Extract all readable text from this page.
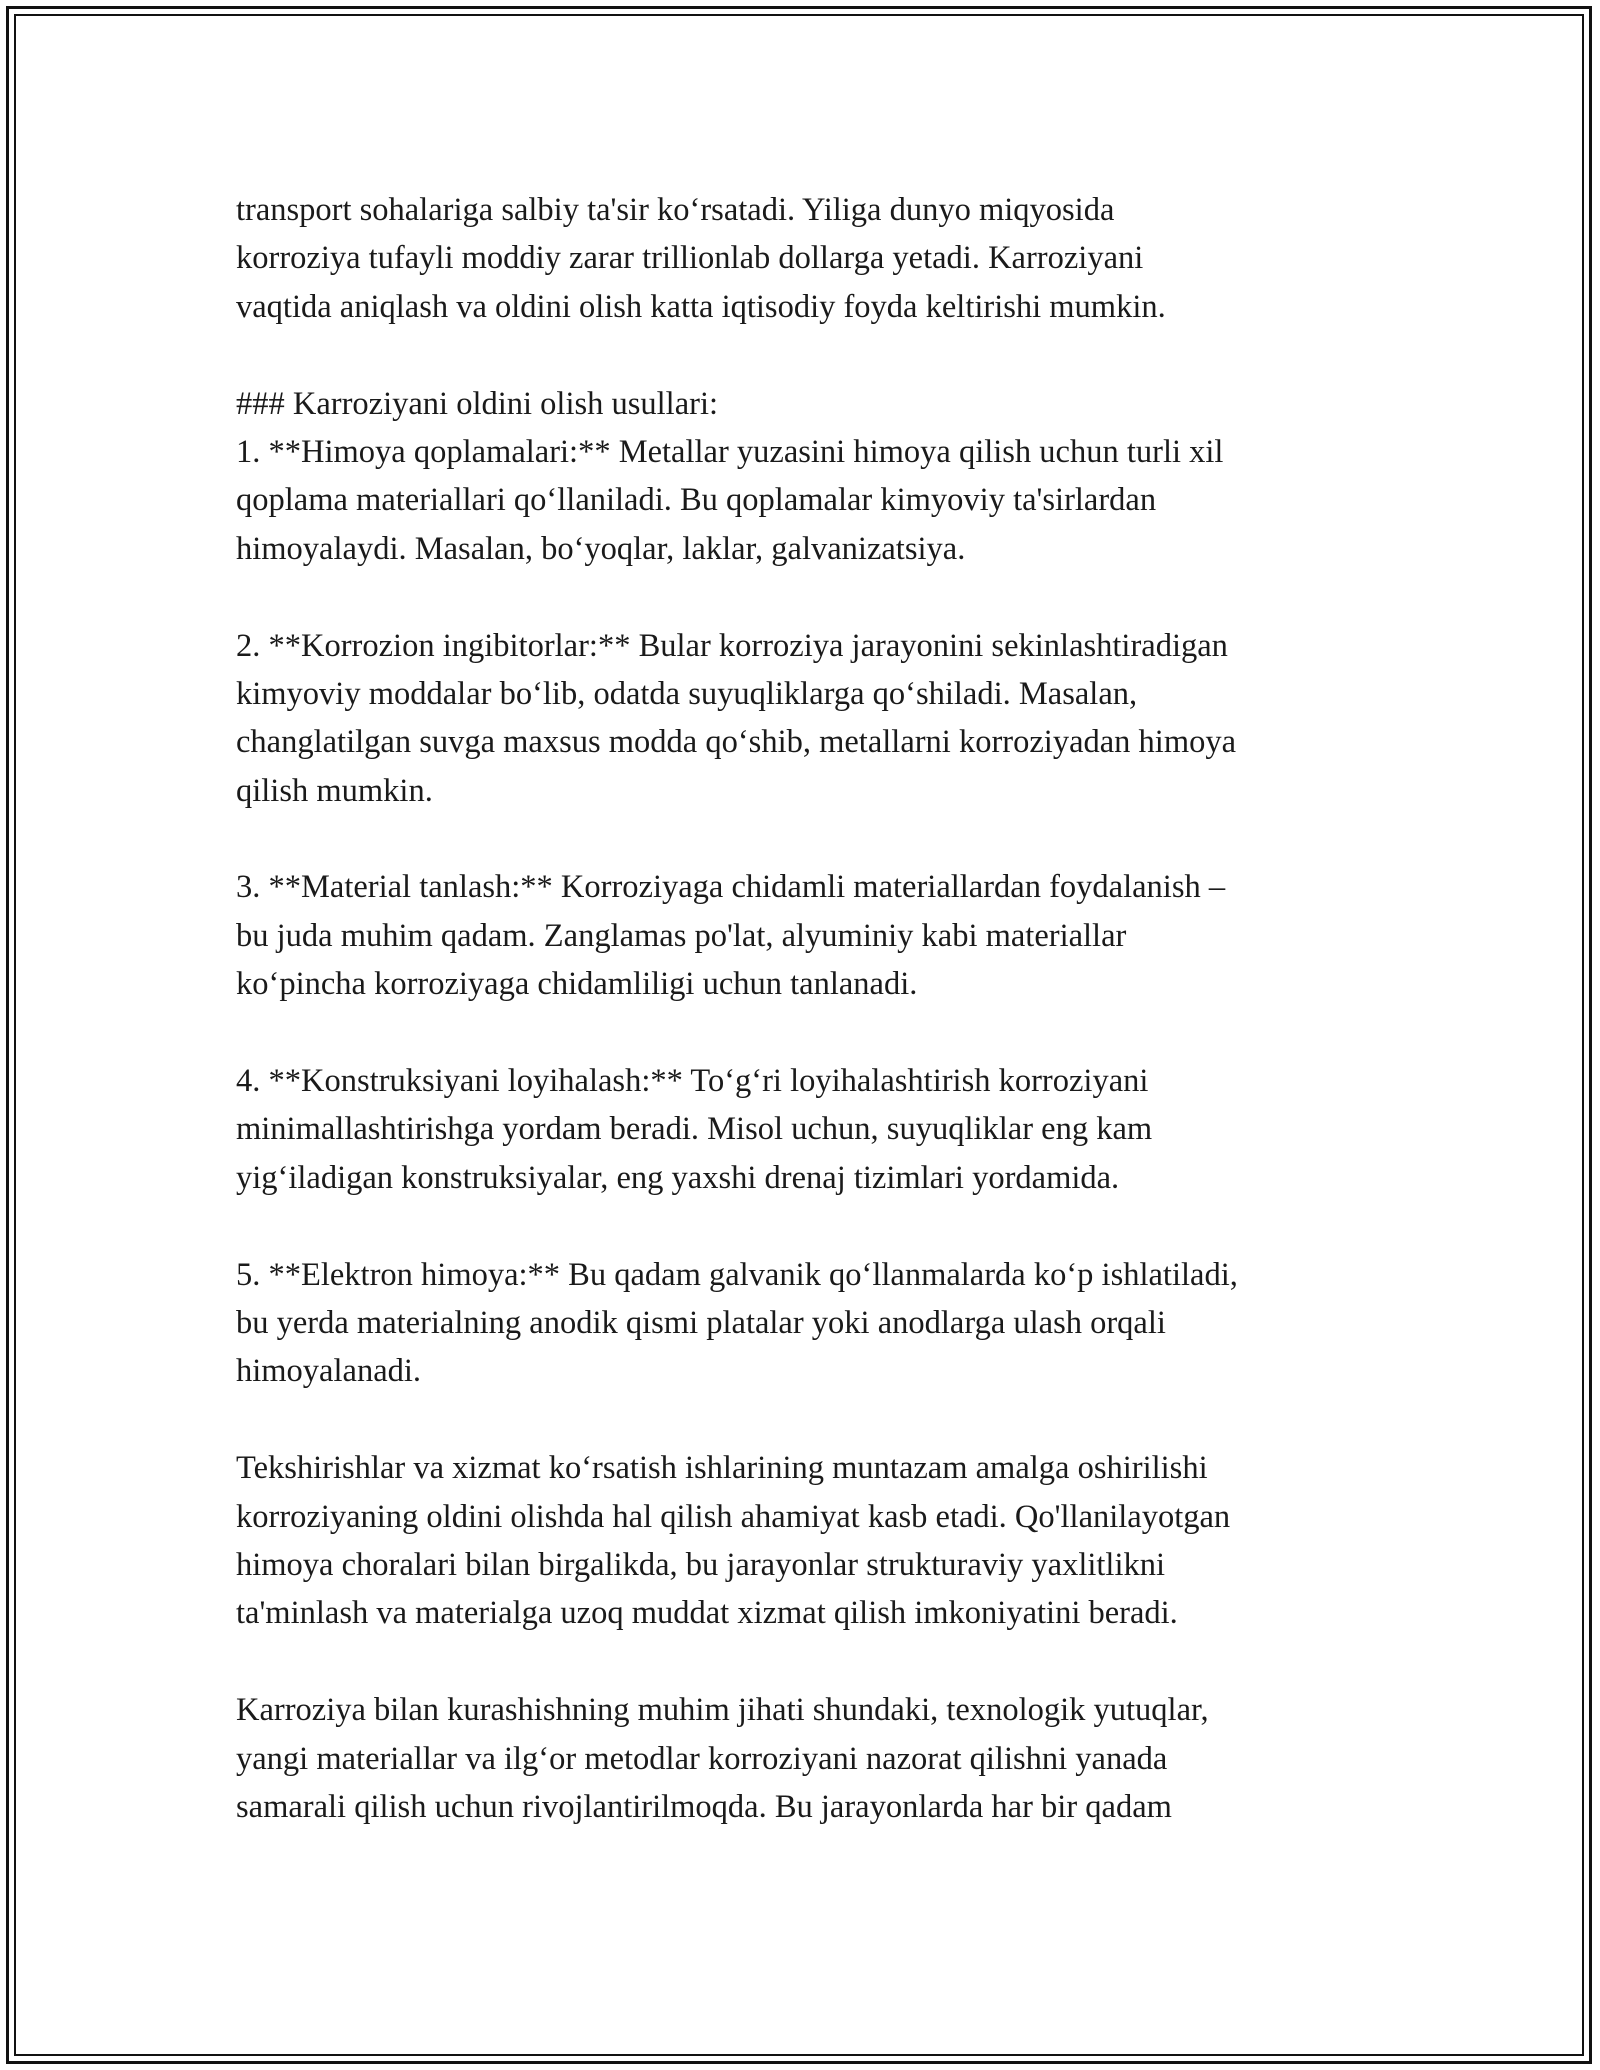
transport sohalariga salbiy ta'sir ko‘rsatadi. Yiliga dunyo miqyosida
korroziya tufayli moddiy zarar trillionlab dollarga yetadi. Karroziyani
vaqtida aniqlash va oldini olish katta iqtisodiy foyda keltirishi mumkin.
### Karroziyani oldini olish usullari:
1. **Himoya qoplamalari:** Metallar yuzasini himoya qilish uchun turli xil
qoplama materiallari qo‘llaniladi. Bu qoplamalar kimyoviy ta'sirlardan
himoyalaydi. Masalan, bo‘yoqlar, laklar, galvanizatsiya.
2. **Korrozion ingibitorlar:** Bular korroziya jarayonini sekinlashtiradigan
kimyoviy moddalar bo‘lib, odatda suyuqliklarga qo‘shiladi. Masalan,
changlatilgan suvga maxsus modda qo‘shib, metallarni korroziyadan himoya
qilish mumkin.
3. **Material tanlash:** Korroziyaga chidamli materiallardan foydalanish –
bu juda muhim qadam. Zanglamas po'lat, alyuminiy kabi materiallar
ko‘pincha korroziyaga chidamliligi uchun tanlanadi.
4. **Konstruksiyani loyihalash:** To‘g‘ri loyihalashtirish korroziyani
minimallashtirishga yordam beradi. Misol uchun, suyuqliklar eng kam
yig‘iladigan konstruksiyalar, eng yaxshi drenaj tizimlari yordamida.
5. **Elektron himoya:** Bu qadam galvanik qo‘llanmalarda ko‘p ishlatiladi,
bu yerda materialning anodik qismi platalar yoki anodlarga ulash orqali
himoyalanadi.
Tekshirishlar va xizmat ko‘rsatish ishlarining muntazam amalga oshirilishi
korroziyaning oldini olishda hal qilish ahamiyat kasb etadi. Qo'llanilayotgan
himoya choralari bilan birgalikda, bu jarayonlar strukturaviy yaxlitlikni
ta'minlash va materialga uzoq muddat xizmat qilish imkoniyatini beradi.
Karroziya bilan kurashishning muhim jihati shundaki, texnologik yutuqlar,
yangi materiallar va ilg‘or metodlar korroziyani nazorat qilishni yanada
samarali qilish uchun rivojlantirilmoqda. Bu jarayonlarda har bir qadam
